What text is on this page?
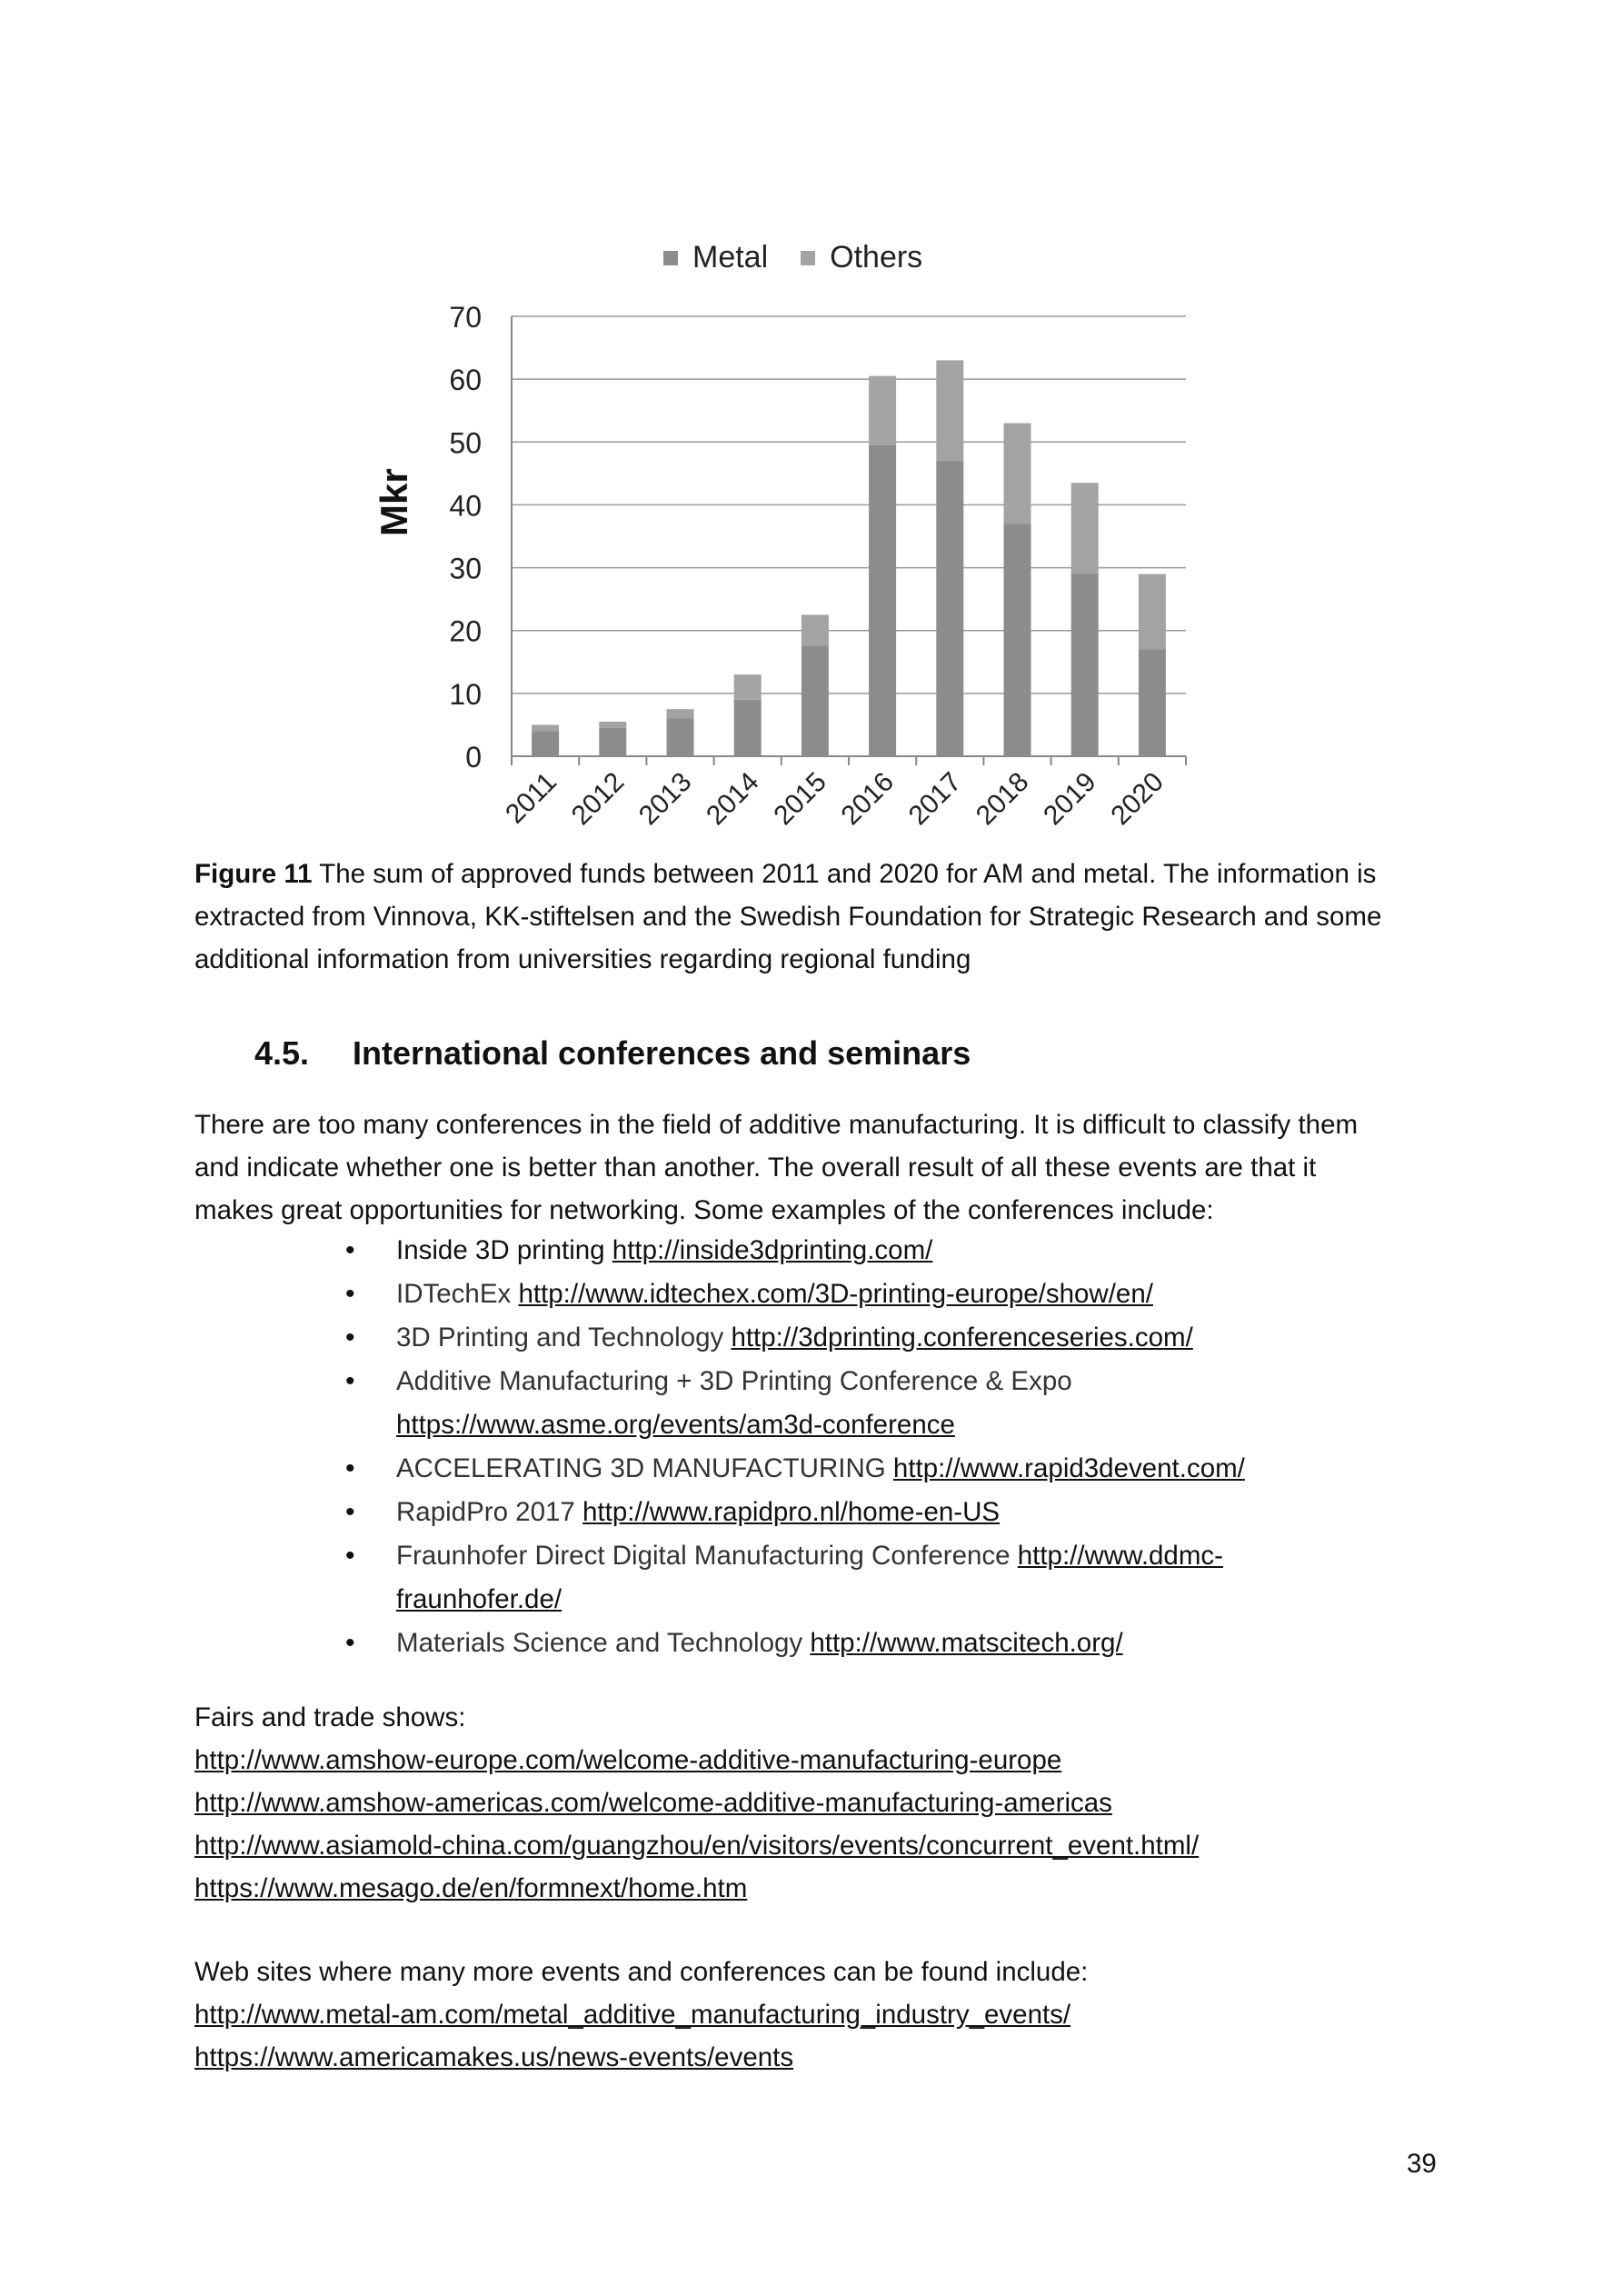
Metal Others
Mkr
0
10
20
30
40
50
60
70
2011 2012 2013 2014 2015 2016 2017 2018 2019 2020
Figure 11 The sum of approved funds between 2011 and 2020 for AM and metal. The information is
extracted from Vinnova, KK-stiftelsen and the Swedish Foundation for Strategic Research and some
additional information from universities regarding regional funding
4.5. International conferences and seminars
There are too many conferences in the field of additive manufacturing. It is difficult to classify them
and indicate whether one is better than another. The overall result of all these events are that it
makes great opportunities for networking. Some examples of the conferences include:
• Inside 3D printing http://inside3dprinting.com/
• IDTechEx http://www.idtechex.com/3D-printing-europe/show/en/
• 3D Printing and Technology http://3dprinting.conferenceseries.com/
• Additive Manufacturing + 3D Printing Conference & Expo
https://www.asme.org/events/am3d-conference
• ACCELERATING 3D MANUFACTURING http://www.rapid3devent.com/
• RapidPro 2017 http://www.rapidpro.nl/home-en-US
• Fraunhofer Direct Digital Manufacturing Conference http://www.ddmc-
fraunhofer.de/
• Materials Science and Technology http://www.matscitech.org/
Fairs and trade shows:
http://www.amshow-europe.com/welcome-additive-manufacturing-europe
http://www.amshow-americas.com/welcome-additive-manufacturing-americas
http://www.asiamold-china.com/guangzhou/en/visitors/events/concurrent_event.html/
https://www.mesago.de/en/formnext/home.htm
Web sites where many more events and conferences can be found include:
http://www.metal-am.com/metal_additive_manufacturing_industry_events/
https://www.americamakes.us/news-events/events
39
